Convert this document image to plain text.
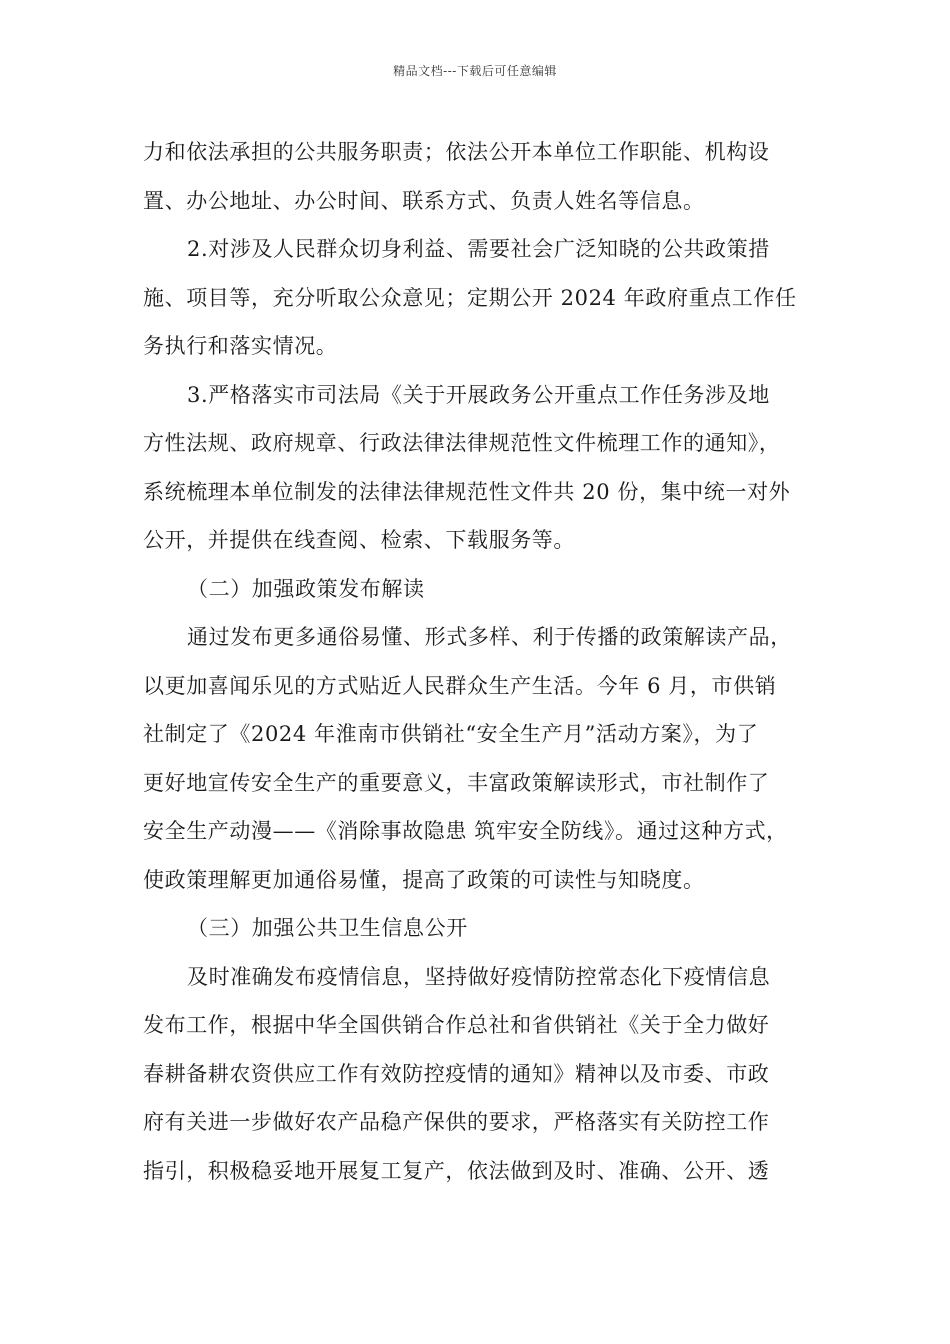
精品文档---下载后可任意编辑
力和依法承担的公共服务职责；依法公开本单位工作职能、机构设
置、办公地址、办公时间、联系方式、负责人姓名等信息。
2.对涉及人民群众切身利益、需要社会广泛知晓的公共政策措
施、项目等，充分听取公众意见；定期公开 2024 年政府重点工作任
务执行和落实情况。
3.严格落实市司法局《关于开展政务公开重点工作任务涉及地
方性法规、政府规章、行政法律法律规范性文件梳理工作的通知》，
系统梳理本单位制发的法律法律规范性文件共 20 份，集中统一对外
公开，并提供在线查阅、检索、下载服务等。
（二）加强政策发布解读
通过发布更多通俗易懂、形式多样、利于传播的政策解读产品，
以更加喜闻乐见的方式贴近人民群众生产生活。今年 6 月，市供销
社制定了《2024 年淮南市供销社“安全生产月”活动方案》，为了
更好地宣传安全生产的重要意义，丰富政策解读形式，市社制作了
安全生产动漫——《消除事故隐患 筑牢安全防线》。通过这种方式，
使政策理解更加通俗易懂，提高了政策的可读性与知晓度。
（三）加强公共卫生信息公开
及时准确发布疫情信息，坚持做好疫情防控常态化下疫情信息
发布工作，根据中华全国供销合作总社和省供销社《关于全力做好
春耕备耕农资供应工作有效防控疫情的通知》精神以及市委、市政
府有关进一步做好农产品稳产保供的要求，严格落实有关防控工作
指引，积极稳妥地开展复工复产，依法做到及时、准确、公开、透
